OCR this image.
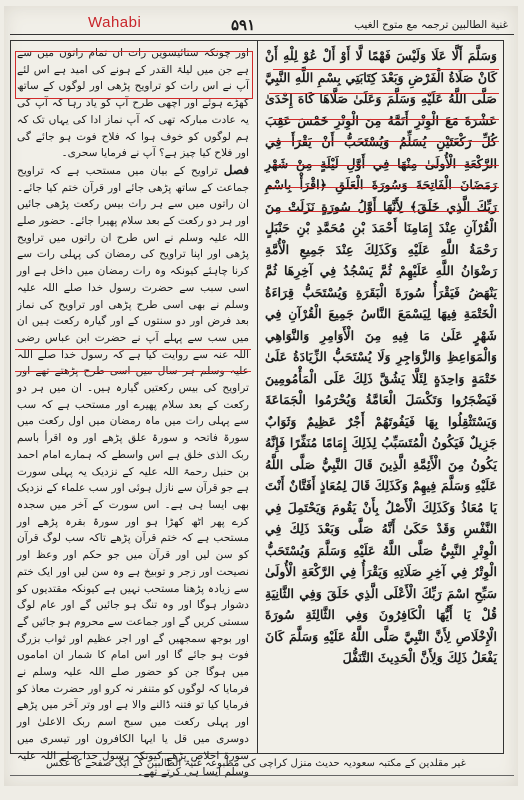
Wahabi	۵۹۱	غنية الطالبين ترجمہ مع متوح الغیب

اور چونکہ ستائیسویں رات ان تمام راتوں میں سے ہے جن میں لیلۃ القدر کے ہونے کی امید ہے اس لئے آپ نے اس رات کو تراویح پڑھی اور لوگوں کے ساتھ کھڑے ہوئے اور اچھی طرح آپ کو یاد رہا کہ آپ کی یہ عادت مبارکہ تھی کہ آپ نماز ادا کی یہاں تک کہ ہم لوگوں کو خوف ہوا کہ فلاح فوت ہو جائے گی اور فلاح کیا چیز ہے؟ آپ نے فرمایا سحری۔

فصل تراویح کے بیان میں مستحب ہے کہ تراویح جماعت کے ساتھ پڑھی جائے اور قرآن ختم کیا جائے۔ ان راتوں میں سے ہر رات بیس رکعت پڑھی جائیں اور ہر دو رکعت کے بعد سلام پھیرا جائے۔ حضور صلے اللہ علیہ وسلم نے اس طرح ان راتوں میں تراویح پڑھی اور اپنا تراویح کی رمضان کی پہلی رات سے کرنا چاہئے کیونکہ وہ رات رمضان میں داخل ہے اور اسی سبب سے حضرت رسول خدا صلے اللہ علیہ وسلم نے بھی اسی طرح پڑھی اور تراویح کی نماز بعد فرض اور دو سنتوں کے اور گیارہ رکعت ہیں ان میں سب سے پہلے آپ نے حضرت ابن عباس رضی اللہ عنہ سے روایت کیا ہے کہ رسول خدا صلے اللہ علیہ وسلم ہر سال میں اسی طرح پڑھتے تھے اور تراویح کی بیس رکعتیں گیارہ ہیں۔ ان میں ہر دو رکعت کے بعد سلام پھیرے اور مستحب ہے کہ سب سے پہلی رات میں ماہ رمضان میں اول رکعت میں سورۃ فاتحہ و سورۃ علق پڑھے اور وہ اقرأ باسم ربک الذی خلق ہے اس واسطے کہ ہمارے امام احمد بن حنبل رحمۃ اللہ علیہ کے نزدیک یہ پہلی سورت ہے جو قرآن سے نازل ہوئی اور سب علماء کے نزدیک بھی ایسا ہی ہے۔ اس سورت کے آخر میں سجدہ کرے پھر اٹھ کھڑا ہو اور سورۃ بقرہ پڑھے اور مستحب ہے کہ ختم قرآن پڑھے تاکہ سب لوگ قرآن کو سن لیں اور قرآن میں جو حکم اور وعظ اور نصیحت اور زجر و توبیخ ہے وہ سن لیں اور ایک ختم سے زیادہ پڑھنا مستحب نہیں ہے کیونکہ مقتدیوں کو دشوار ہوگا اور وہ تنگ ہو جائیں گے اور عام لوگ سستی کریں گے اور جماعت سے محروم ہو جائیں گے اور بوجھ سمجھیں گے اور اجر عظیم اور ثواب بزرگ فوت ہو جائے گا اور اس امام کا شمار ان اماموں میں ہوگا جن کو حضور صلے اللہ علیہ وسلم نے فرمایا کہ لوگوں کو متنفر نہ کرو اور حضرت معاذ کو فرمایا کیا تو فتنہ ڈالنے والا ہے اور وتر آخر میں پڑھے اور پہلی رکعت میں سبح اسم ربک الاعلیٰ اور دوسری میں قل یا ایہا الکافرون اور تیسری میں سورۃ اخلاص پڑھے کیونکہ رسول خدا صلے اللہ علیہ وسلم ایسا ہی کرتے تھے۔

وَسَلَّمَ أَلَّا عَلَا وَلَيْسَ فَهْمًا لَّا أَوْ أَلْ عُوْ لِلْهِ أَنْ كَانْ صَلَاةُ الْفَرْضِ وَبَعْدَ كِتَابَتِي بِسْمِ اللَّهِ النَّبِيَّ صَلَّى اللَّهُ عَلَيْهِ وَسَلَّمَ وَعَلَىٰ صَلَّاهَا كَاهَ إِحْدَىٰ عَشْرَةَ مَعَ الْوِتْرِ أَتَمَّهُ مِنَ الْوِتْرِ خَمْسَ عَقِبَ كُلِّ رَكْعَتَيْنِ يُسَلِّمُ وَيُسْتَحَبُّ أَنْ يَقْرَأَ فِي الرَّكْعَةِ الْأُولَىٰ مِنْهَا فِي أَوَّلِ لَيْلَةٍ مِنْ شَهْرِ رَمَضَانَ الْفَاتِحَةَ وَسُورَةَ الْعَلَقِ ﴿اقْرَأْ بِاسْمِ رَبِّكَ الَّذِي خَلَقَ﴾ لِأَنَّهَا أَوَّلُ سُورَةٍ نَزَلَتْ مِنَ الْقُرْآنِ عِنْدَ إِمَامِنَا أَحْمَدَ بْنِ مُحَمَّدِ بْنِ حَنْبَلٍ رَحْمَةُ اللَّهِ عَلَيْهِ وَكَذَلِكَ عِنْدَ جَمِيعِ الْأُمَّةِ رَضْوَانُ اللَّهِ عَلَيْهِمْ ثُمَّ يَسْجُدُ فِي آخِرِهَا ثُمَّ يَنْهَضُ فَيَقْرَأُ سُورَةَ الْبَقَرَةِ وَيُسْتَحَبُّ قِرَاءَةُ الْخَتْمَةِ فِيهَا لِيَسْمَعَ النَّاسُ جَمِيعَ الْقُرْآنِ فِي شَهْرٍ عَلَىٰ مَا فِيهِ مِنَ الْأَوَامِرِ وَالنَّوَاهِي وَالْمَوَاعِظِ وَالزَّوَاجِرِ وَلَا يُسْتَحَبُّ الزِّيَادَةُ عَلَىٰ خَتْمَةٍ وَاحِدَةٍ لِئَلَّا يَشُقَّ ذَلِكَ عَلَى الْمَأْمُومِينَ فَيَضْجَرُوا وَتَكْسَلَ الْعَامَّةُ وَيُحْرَمُوا الْجَمَاعَةَ وَيَسْتَثْقِلُوا بِهَا فَيَفُوتَهُمْ أَجْرٌ عَظِيمٌ وَثَوَابٌ جَزِيلٌ فَيَكُونُ الْمُتَسَبِّبُ لِذَلِكَ إِمَامًا مُنَفِّرًا فَإِنَّهُ يَكُونُ مِنَ الْأَئِمَّةِ الَّذِينَ قَالَ النَّبِيُّ صَلَّى اللَّهُ عَلَيْهِ وَسَلَّمَ فِيهِمْ وَكَذَلِكَ قَالَ لِمُعَاذٍ أَفَتَّانٌ أَنْتَ يَا مُعَاذُ وَكَذَلِكَ الْأَصْلُ بِأَنْ يَقُومَ وَيَحْتَمِلَ فِي النَّفْسِ وَقَدْ حَكَىٰ أَنَّهُ صَلَّى وَبَعْدَ ذَلِكَ فِي الْوِتْرِ النَّبِيُّ صَلَّى اللَّهُ عَلَيْهِ وَسَلَّمَ وَيُسْتَحَبُّ الْوِتْرُ فِي آخِرِ صَلَاتِهِ وَيَقْرَأُ فِي الرَّكْعَةِ الْأُولَىٰ سَبِّحِ اسْمَ رَبِّكَ الْأَعْلَى الَّذِي خَلَقَ وَفِي الثَّانِيَةِ قُلْ يَا أَيُّهَا الْكَافِرُونَ وَفِي الثَّالِثَةِ سُورَةَ الْإِخْلَاصِ لِأَنَّ النَّبِيَّ صَلَّى اللَّهُ عَلَيْهِ وَسَلَّمَ كَانَ يَفْعَلُ ذَلِكَ وَلِأَنَّ الْحَدِيثَ التَّنَفُّلَ

غیر مقلدین کے مکتبہ سعودیہ حدیث منزل کراچی کی مطبوعہ غنیۃ الطالبین کے ایک صفحے کا عکس
